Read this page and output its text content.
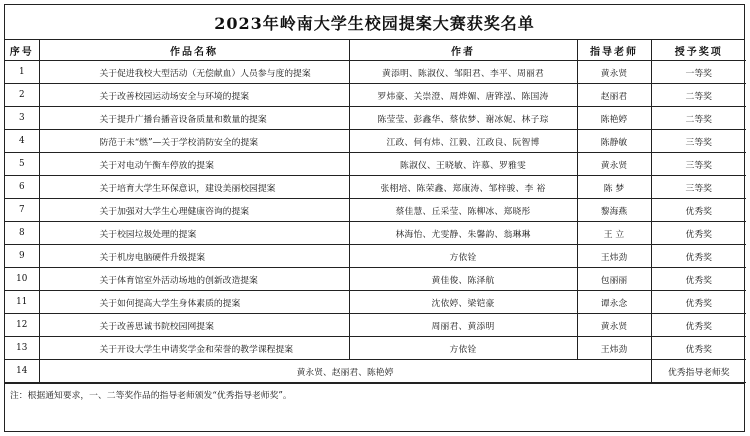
2023年岭南大学生校园提案大赛获奖名单
序号	作品名称	作者	指导老师	授予奖项
1	关于促进我校大型活动（无偿献血）人员参与度的提案	黄添明、陈淑仪、邹阳君、李平、周丽君	黄永贤	一等奖
2	关于改善校园运动场安全与环境的提案	罗炜豪、关崇澄、周烨媚、唐铧泓、陈国涛	赵丽君	二等奖
3	关于提升广播台播音设备质量和数量的提案	陈莹莹、彭鑫华、蔡依梦、谢冰妮、林子琮	陈艳婷	二等奖
4	防范于未“燃”—关于学校消防安全的提案	江政、何有炜、江毅、江政良、阮智博	陈静敏	三等奖
5	关于对电动午衡车停放的提案	陈淑仪、王晓敏、许慕、罗雅雯	黄永贤	三等奖
6	关于培育大学生环保意识，建设美丽校园提案	张栩培、陈荣鑫、郑康涛、邹梓骏、李 裕	陈 梦	三等奖
7	关于加强对大学生心理健康咨询的提案	蔡佳慧、丘采莹、陈柳冰、郑晓彤	黎海燕	优秀奖
8	关于校园垃圾处理的提案	林海怡、尤雯静、朱馨韵、翁琳琳	王 立	优秀奖
9	关于机房电脑硬件升级提案	方依铨	王炜劲	优秀奖
10	关于体育馆室外活动场地的创新改造提案	黄佳俊、陈泽航	包丽丽	优秀奖
11	关于如何提高大学生身体素质的提案	沈依婷、梁铠豪	谭永念	优秀奖
12	关于改善思诚书院校园网提案	周丽君、黄添明	黄永贤	优秀奖
13	关于开设大学生申请奖学金和荣誉的教学课程提案	方依铨	王炜劲	优秀奖
14	黄永贤、赵丽君、陈艳婷			优秀指导老师奖
注：根据通知要求，一、二等奖作品的指导老师颁发“优秀指导老师奖”。
